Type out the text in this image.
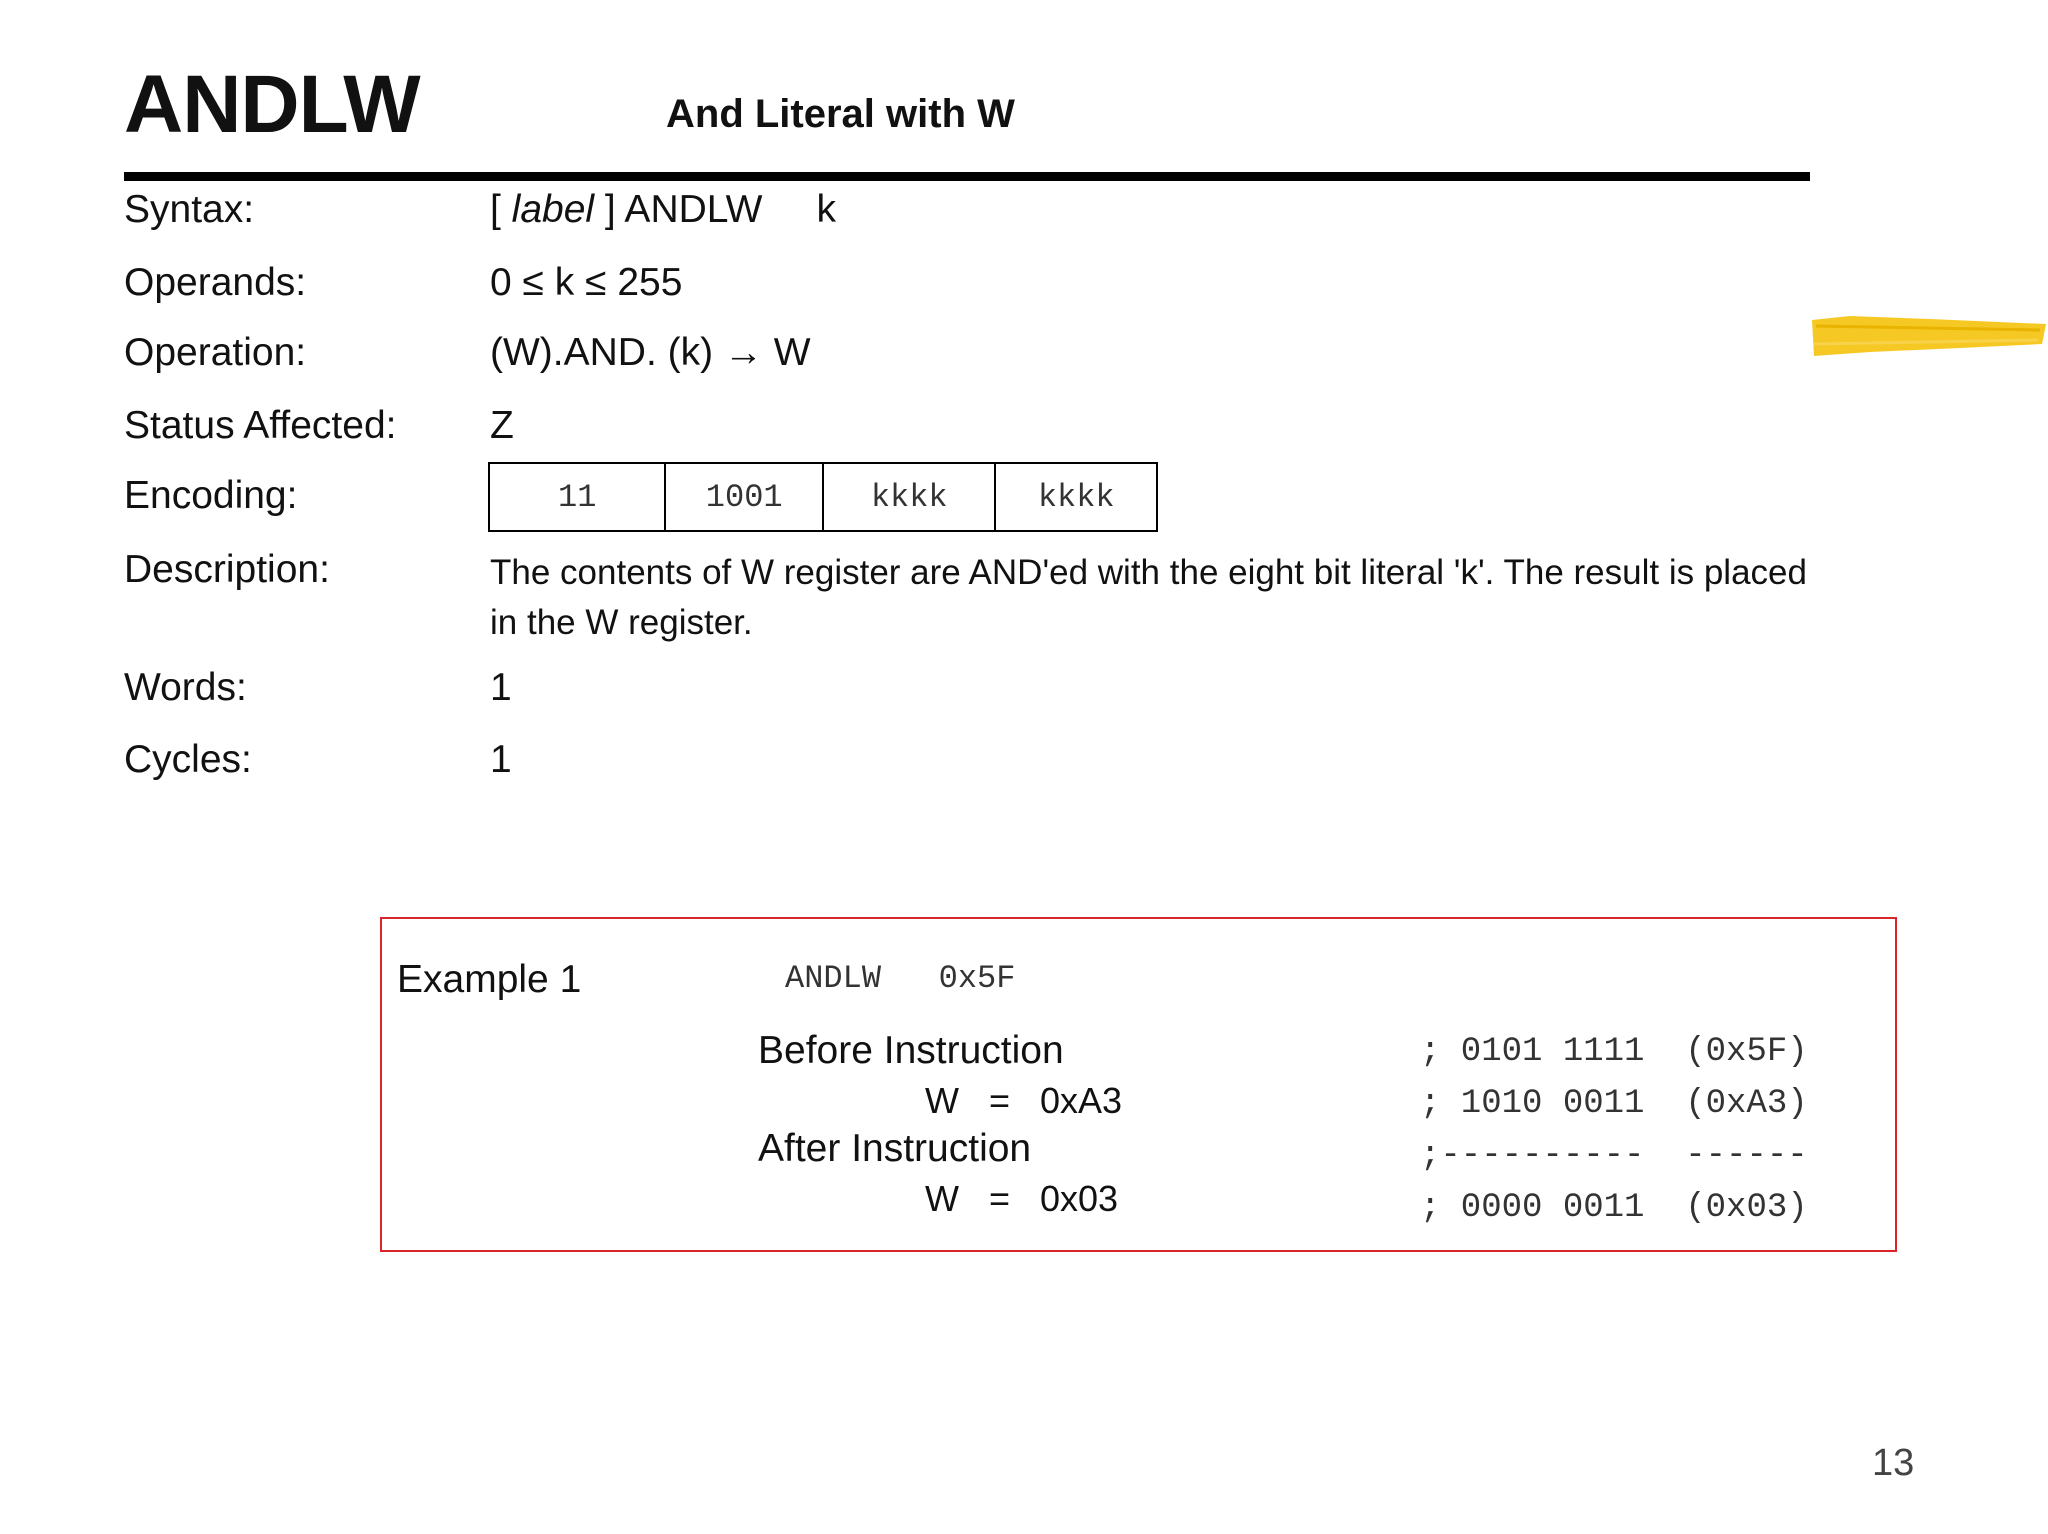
ANDLW	And Literal with W
Syntax:	[ label ] ANDLW     k
Operands:	0 ≤ k ≤ 255
Operation:	(W).AND. (k) → W
Status Affected: Z
Encoding:	11	1001	kkkk	kkkk
Description:	The contents of W register are AND'ed with the eight bit literal 'k'. The result is placed in the W register.
Words:	1
Cycles:	1
Example 1	ANDLW   0x5F
Before Instruction
W   =   0xA3
After Instruction
W   =   0x03
; 0101 1111  (0x5F)
; 1010 0011  (0xA3)
;----------  ------
; 0000 0011  (0x03)
13
